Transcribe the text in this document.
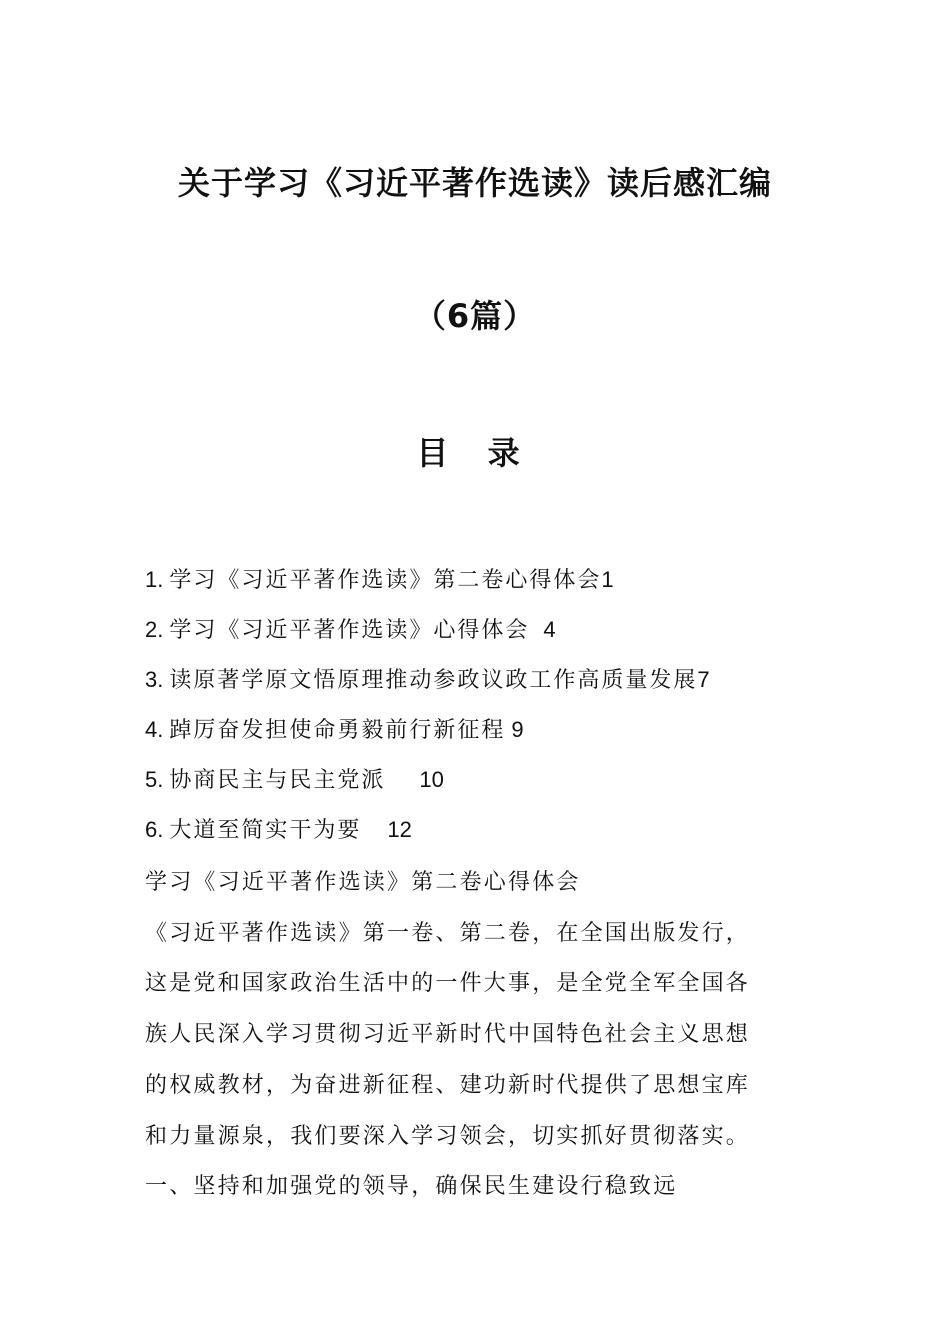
关于学习《习近平著作选读》读后感汇编
（6篇）
目 录
1. 学习《习近平著作选读》第二卷心得体会1
2. 学习《习近平著作选读》心得体会 4
3. 读原著学原文悟原理推动参政议政工作高质量发展7
4. 踔厉奋发担使命勇毅前行新征程 9
5. 协商民主与民主党派 10
6. 大道至简实干为要 12

学习《习近平著作选读》第二卷心得体会

《习近平著作选读》第一卷、第二卷，在全国出版发行，

这是党和国家政治生活中的一件大事，是全党全军全国各

族人民深入学习贯彻习近平新时代中国特色社会主义思想

的权威教材，为奋进新征程、建功新时代提供了思想宝库

和力量源泉，我们要深入学习领会，切实抓好贯彻落实。

一、坚持和加强党的领导，确保民生建设行稳致远
